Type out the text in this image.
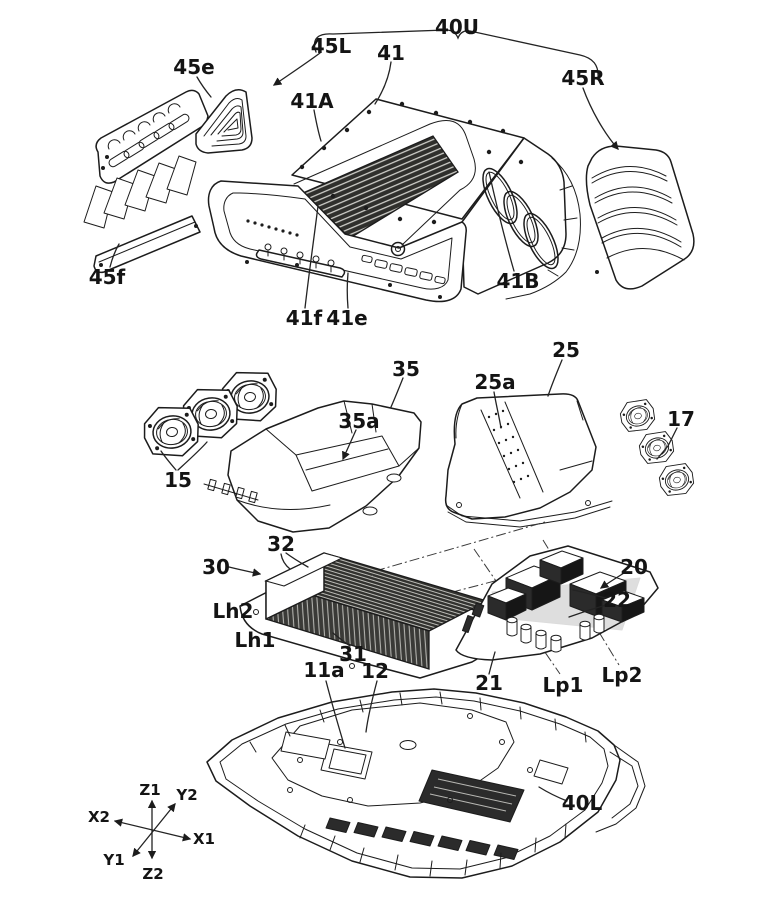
Z1 Y2
X2
X1
Y1
Z2
40U
45L 41
45R
45e
41A
45f
41f 41e
41B
35
35a
25
25a
17
15
30
32
Lh2
Lh1
31
11a 12
20
22
21 Lp1 Lp2
40L
